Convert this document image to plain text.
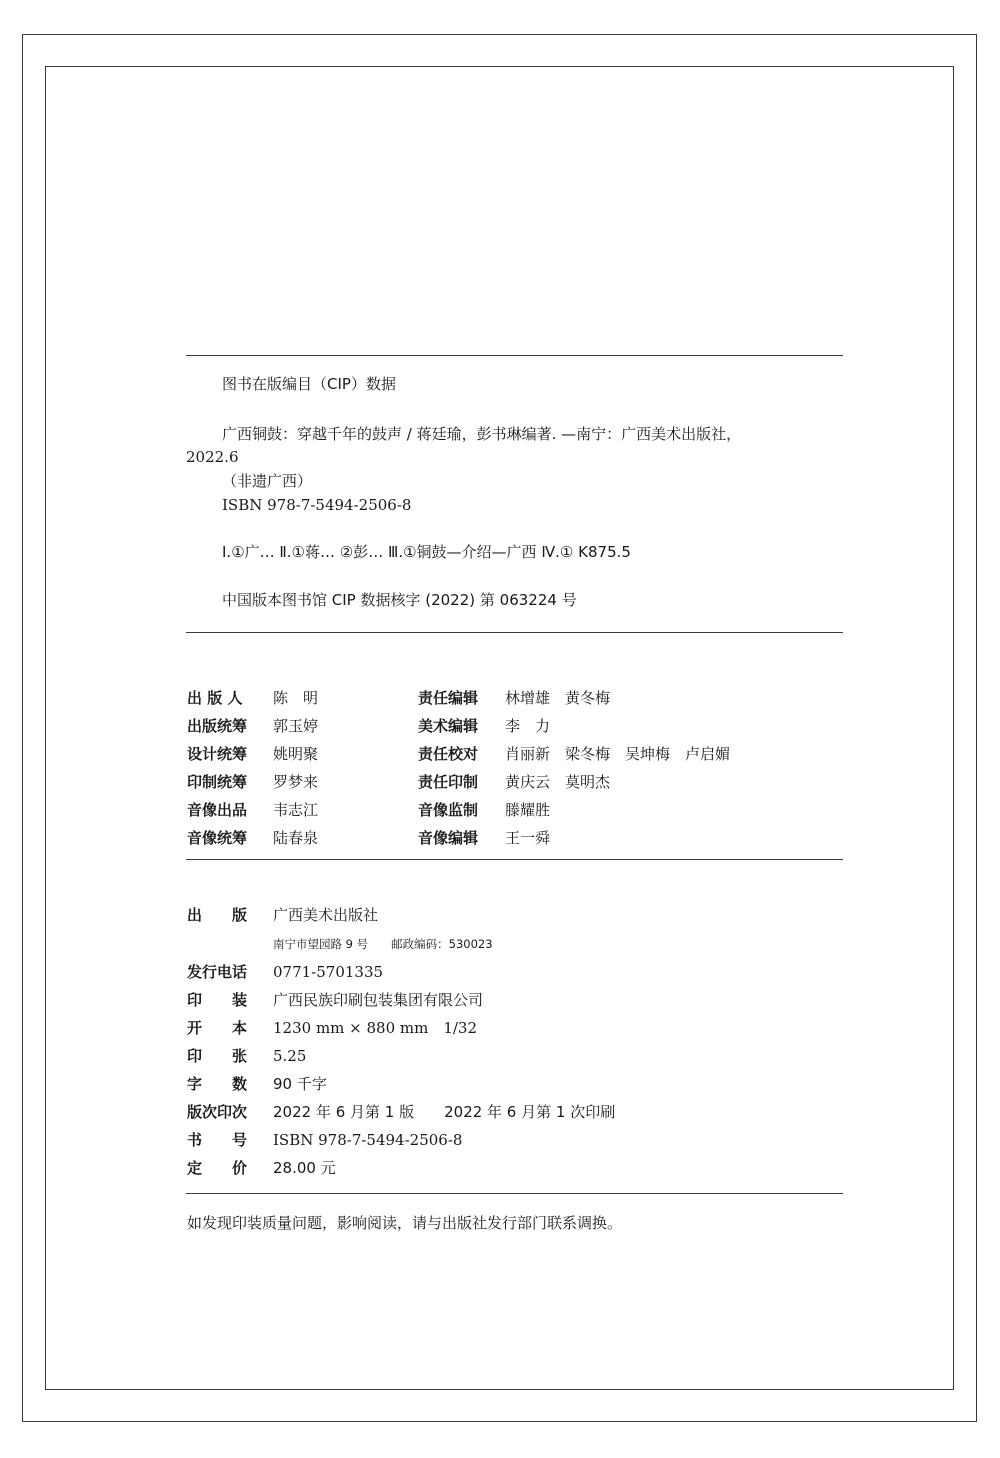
图书在版编目（CIP）数据
广西铜鼓：穿越千年的鼓声 / 蒋廷瑜，彭书琳编著. —南宁：广西美术出版社，
2022.6
（非遗广西）
ISBN 978-7-5494-2506-8
Ⅰ.①广… Ⅱ.①蒋… ②彭… Ⅲ.①铜鼓—介绍—广西 Ⅳ.① K875.5
中国版本图书馆 CIP 数据核字 (2022) 第 063224 号
出 版 人 陈　明	责任编辑 林增雄　黄冬梅
出版统筹 郭玉婷	美术编辑 李　力
设计统筹 姚明聚	责任校对 肖丽新　梁冬梅　吴坤梅　卢启媚
印制统筹 罗梦来	责任印制 黄庆云　莫明杰
音像出品 韦志江	音像监制 滕耀胜
音像统筹 陆春泉	音像编辑 王一舜
出　　版 广西美术出版社
南宁市望园路 9 号　　邮政编码：530023
发行电话 0771-5701335
印　　装 广西民族印刷包装集团有限公司
开　　本 1230 mm × 880 mm　1/32
印　　张 5.25
字　　数 90 千字
版次印次 2022 年 6 月第 1 版　　2022 年 6 月第 1 次印刷
书　　号 ISBN 978-7-5494-2506-8
定　　价 28.00 元
如发现印装质量问题，影响阅读，请与出版社发行部门联系调换。
